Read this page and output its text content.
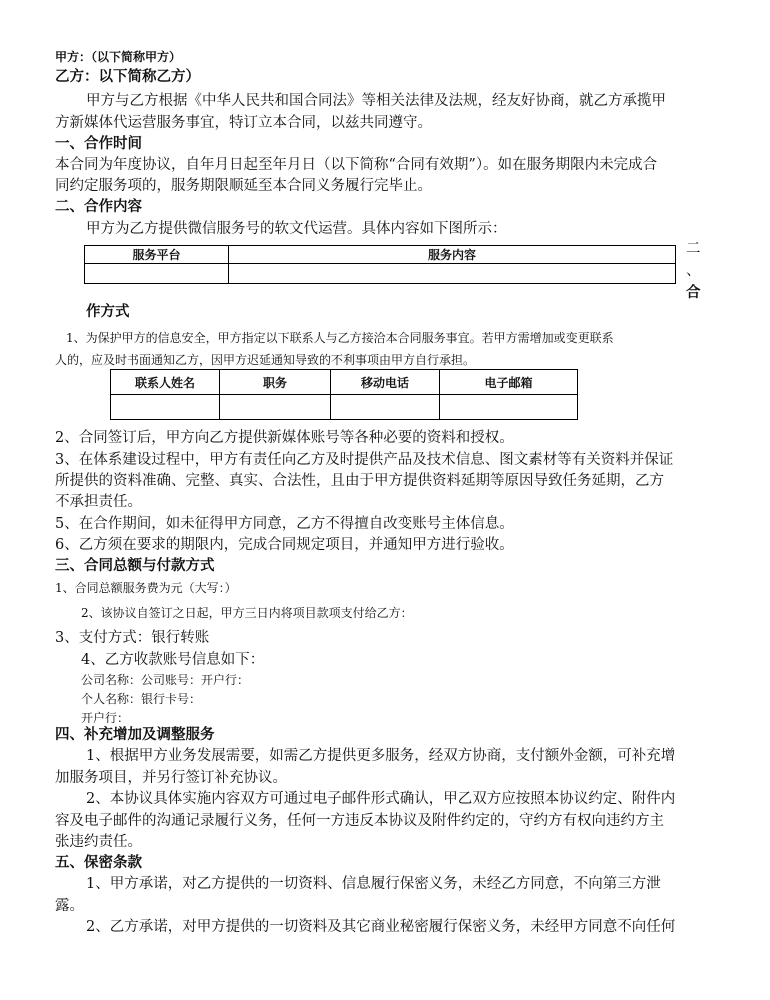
甲方：（以下简称甲方）
乙方：以下简称乙方）
甲方与乙方根据《中华人民共和国合同法》等相关法律及法规，经友好协商，就乙方承揽甲
方新媒体代运营服务事宜，特订立本合同，以兹共同遵守。
一、合作时间
本合同为年度协议，自年月日起至年月日（以下简称“合同有效期”）。如在服务期限内未完成合
同约定服务项的，服务期限顺延至本合同义务履行完毕止。
二、合作内容
甲方为乙方提供微信服务号的软文代运营。具体内容如下图所示：
服务平台	服务内容
		二
、
合
作方式
1、为保护甲方的信息安全，甲方指定以下联系人与乙方接洽本合同服务事宜。若甲方需增加或变更联系
人的，应及时书面通知乙方，因甲方迟延通知导致的不利事项由甲方自行承担。
联系人姓名	职务	移动电话	电子邮箱

2、合同签订后，甲方向乙方提供新媒体账号等各种必要的资料和授权。
3、在体系建设过程中，甲方有责任向乙方及时提供产品及技术信息、图文素材等有关资料并保证
所提供的资料准确、完整、真实、合法性，且由于甲方提供资料延期等原因导致任务延期，乙方
不承担责任。
5、在合作期间，如未征得甲方同意，乙方不得擅自改变账号主体信息。
6、乙方须在要求的期限内，完成合同规定项目，并通知甲方进行验收。
三、合同总额与付款方式
1、合同总额服务费为元（大写：）
2、该协议自签订之日起，甲方三日内将项目款项支付给乙方：
3、支付方式：银行转账
4、乙方收款账号信息如下：
公司名称：公司账号：开户行：
个人名称：银行卡号：
开户行：
四、补充增加及调整服务
1、根据甲方业务发展需要，如需乙方提供更多服务，经双方协商，支付额外金额，可补充增
加服务项目，并另行签订补充协议。
2、本协议具体实施内容双方可通过电子邮件形式确认，甲乙双方应按照本协议约定、附件内
容及电子邮件的沟通记录履行义务，任何一方违反本协议及附件约定的，守约方有权向违约方主
张违约责任。
五、保密条款
1、甲方承诺，对乙方提供的一切资料、信息履行保密义务，未经乙方同意，不向第三方泄
露。
2、乙方承诺，对甲方提供的一切资料及其它商业秘密履行保密义务，未经甲方同意不向任何
